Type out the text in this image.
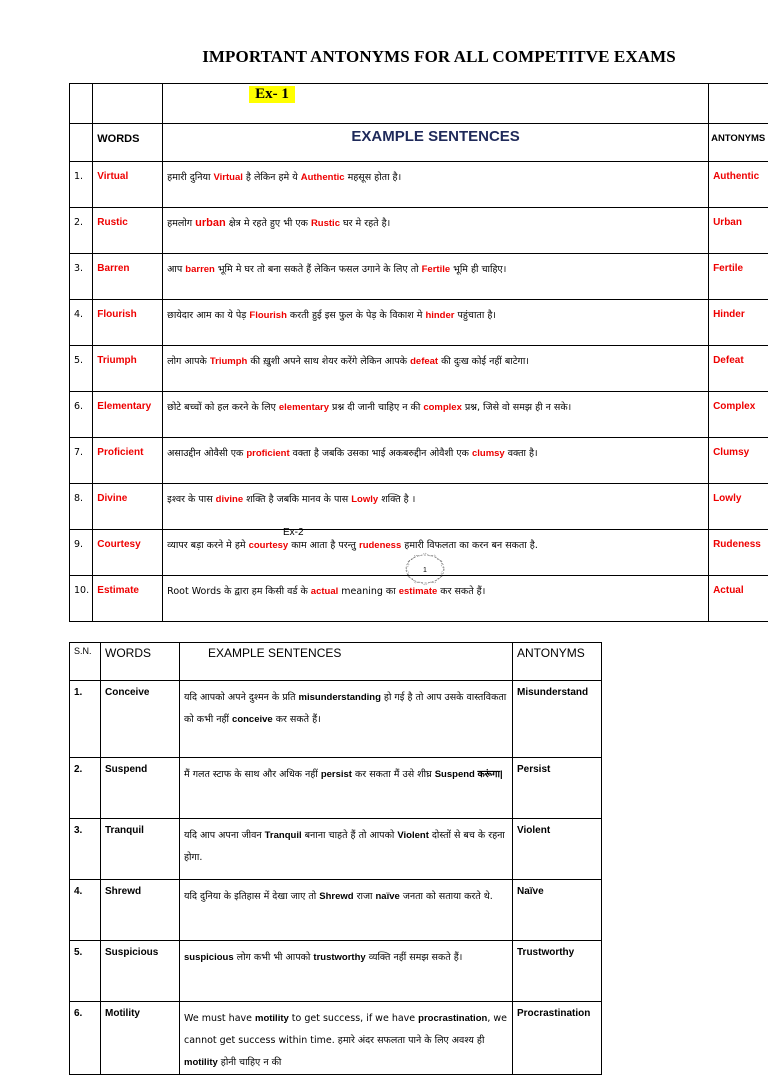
IMPORTANT ANTONYMS FOR ALL COMPETITVE EXAMS
		Ex- 1	
	WORDS	EXAMPLE SENTENCES	ANTONYMS
1.	Virtual	हमारी दुनिया Virtual है लेकिन हमे ये Authentic महसूस होता है।	Authentic
2.	Rustic	हमलोग urban क्षेत्र मे रहते हुए भी एक Rustic घर मे रहते है।	Urban
3.	Barren	आप barren भूमि मे घर तो बना सकते हैं लेकिन फसल उगाने के लिए तो Fertile भूमि ही चाहिए।	Fertile
4.	Flourish	छायेदार आम का ये पेड़ Flourish करती हुई इस फुल के पेड़ के विकाश मे hinder पहुंचाता है।	Hinder
5.	Triumph	लोग आपके Triumph की ख़ुशी अपने साथ शेयर करेंगे लेकिन आपके defeat की दुःख कोई नहीं बाटेगा।	Defeat
6.	Elementary	छोटे बच्चों को हल करने के लिए elementary प्रश्न दी जानी चाहिए न की complex प्रश्न, जिसे वो समझ ही न सके।	Complex
7.	Proficient	असाउद्दीन ओवैसी एक proficient वक्ता है जबकि उसका भाई अकबरुद्दीन ओवैशी एक clumsy वक्ता है।	Clumsy
8.	Divine	इश्वर के पास divine शक्ति है जबकि मानव के पास Lowly शक्ति है ।	Lowly
9.	Courtesy	व्यापर बड़ा करने मे हमे courtesy काम आता है परन्तु rudeness हमारी विफलता का करन बन सकता है.	Rudeness
10.	Estimate	Root Words के द्वारा हम किसी वर्ड के actual meaning का estimate कर सकते हैं।	Actual
Ex-2
1
S.N.	WORDS	EXAMPLE SENTENCES	ANTONYMS
1.	Conceive	यदि आपको अपने दुश्मन के प्रति misunderstanding हो गई है तो आप उसके वास्तविकता को कभी नहीं conceive कर सकते हैं।	Misunderstand
2.	Suspend	मैं गलत स्टाफ के साथ और अधिक नहीं persist कर सकता मैं उसे शीघ्र Suspend करूंगा|	Persist
3.	Tranquil	यदि आप अपना जीवन Tranquil बनाना चाहते हैं तो आपको Violent दोस्तों से बच के रहना होगा.	Violent
4.	Shrewd	यदि दुनिया के इतिहास में देखा जाए तो Shrewd राजा naïve जनता को सताया करते थे.	Naïve
5.	Suspicious	suspicious लोग कभी भी आपको trustworthy व्यक्ति नहीं समझ सकते हैं।	Trustworthy
6.	Motility	We must have motility to get success, if we have procrastination, we cannot get success within time. हमारे अंदर सफलता पाने के लिए अवश्य ही motility होनी चाहिए न की	Procrastination
